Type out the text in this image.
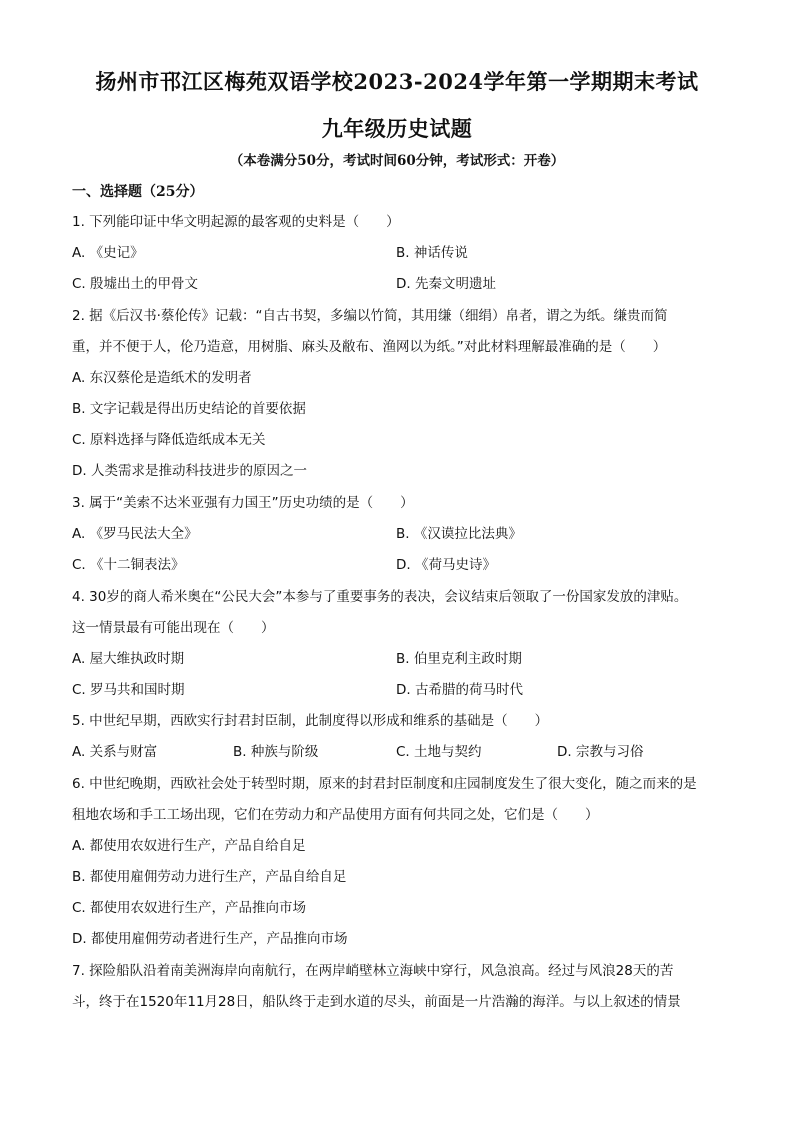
扬州市邗江区梅苑双语学校2023-2024学年第一学期期末考试
九年级历史试题
（本卷满分50分，考试时间60分钟，考试形式：开卷）
一、选择题（25分）
1. 下列能印证中华文明起源的最客观的史料是（　　）
A. 《史记》	B. 神话传说
C. 殷墟出土的甲骨文	D. 先秦文明遗址
2. 据《后汉书·蔡伦传》记载：“自古书契，多编以竹简，其用缣（细绢）帛者，谓之为纸。缣贵而简
重，并不便于人，伦乃造意，用树脂、麻头及敝布、渔网以为纸。”对此材料理解最准确的是（　　）
A. 东汉蔡伦是造纸术的发明者
B. 文字记载是得出历史结论的首要依据
C. 原料选择与降低造纸成本无关
D. 人类需求是推动科技进步的原因之一
3. 属于“美索不达米亚强有力国王”历史功绩的是（　　）
A. 《罗马民法大全》	B. 《汉谟拉比法典》
C. 《十二铜表法》	D. 《荷马史诗》
4. 30岁的商人希米奥在“公民大会”本参与了重要事务的表决，会议结束后领取了一份国家发放的津贴。
这一情景最有可能出现在（　　）
A. 屋大维执政时期	B. 伯里克利主政时期
C. 罗马共和国时期	D. 古希腊的荷马时代
5. 中世纪早期，西欧实行封君封臣制，此制度得以形成和维系的基础是（　　）
A. 关系与财富	B. 种族与阶级	C. 土地与契约	D. 宗教与习俗
6. 中世纪晚期，西欧社会处于转型时期，原来的封君封臣制度和庄园制度发生了很大变化，随之而来的是
租地农场和手工工场出现，它们在劳动力和产品使用方面有何共同之处，它们是（　　）
A. 都使用农奴进行生产，产品自给自足
B. 都使用雇佣劳动力进行生产，产品自给自足
C. 都使用农奴进行生产，产品推向市场
D. 都使用雇佣劳动者进行生产，产品推向市场
7. 探险船队沿着南美洲海岸向南航行，在两岸峭壁林立海峡中穿行，风急浪高。经过与风浪28天的苦
斗，终于在1520年11月28日，船队终于走到水道的尽头，前面是一片浩瀚的海洋。与以上叙述的情景
